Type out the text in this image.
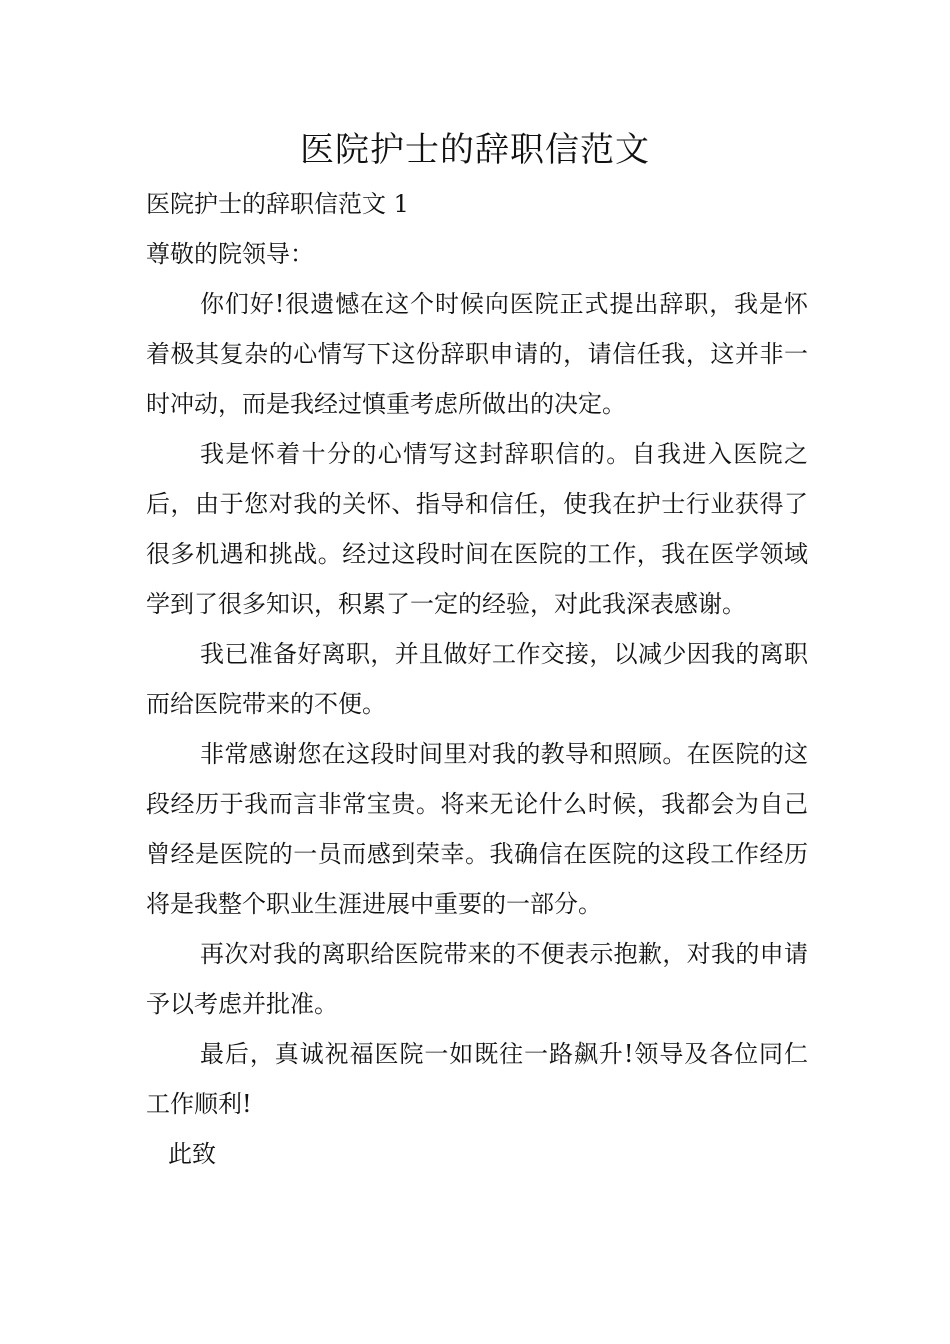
医院护士的辞职信范文

医院护士的辞职信范文 1

尊敬的院领导：

你们好!很遗憾在这个时候向医院正式提出辞职，我是怀着极其复杂的心情写下这份辞职申请的，请信任我，这并非一时冲动，而是我经过慎重考虑所做出的决定。

我是怀着十分的心情写这封辞职信的。自我进入医院之后，由于您对我的关怀、指导和信任，使我在护士行业获得了很多机遇和挑战。经过这段时间在医院的工作，我在医学领域学到了很多知识，积累了一定的经验，对此我深表感谢。

我已准备好离职，并且做好工作交接，以减少因我的离职而给医院带来的不便。

非常感谢您在这段时间里对我的教导和照顾。在医院的这段经历于我而言非常宝贵。将来无论什么时候，我都会为自己曾经是医院的一员而感到荣幸。我确信在医院的这段工作经历将是我整个职业生涯进展中重要的一部分。

再次对我的离职给医院带来的不便表示抱歉，对我的申请予以考虑并批准。

最后，真诚祝福医院一如既往一路飙升!领导及各位同仁工作顺利!

此致
